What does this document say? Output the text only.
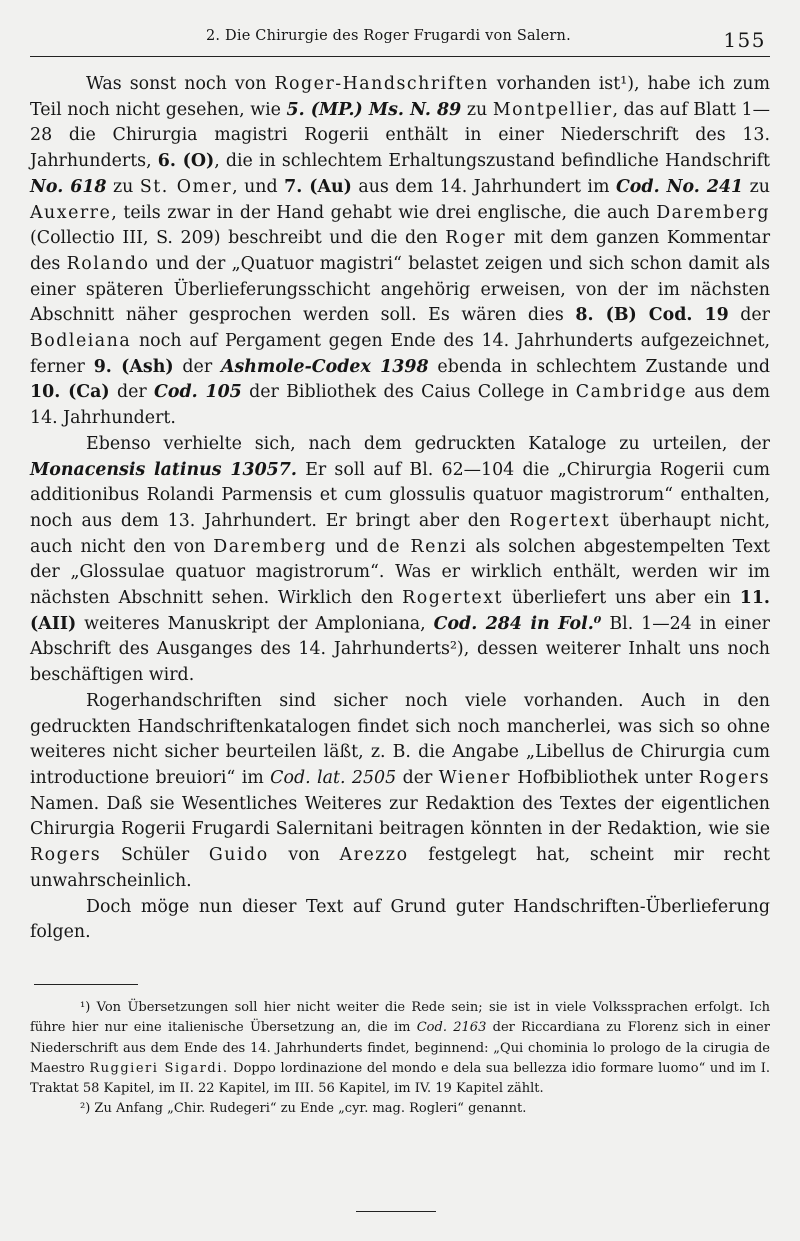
2. Die Chirurgie des Roger Frugardi von Salern.	155

Was sonst noch von Roger-Handschriften vorhanden ist¹), habe ich zum Teil noch nicht gesehen, wie 5. (MP.) Ms. N. 89 zu Montpellier, das auf Blatt 1—28 die Chirurgia magistri Rogerii enthält in einer Niederschrift des 13. Jahrhunderts, 6. (O), die in schlechtem Erhaltungszustand befindliche Handschrift No. 618 zu St. Omer, und 7. (Au) aus dem 14. Jahrhundert im Cod. No. 241 zu Auxerre, teils zwar in der Hand gehabt wie drei englische, die auch Daremberg (Collectio III, S. 209) beschreibt und die den Roger mit dem ganzen Kommentar des Rolando und der „Quatuor magistri“ belastet zeigen und sich schon damit als einer späteren Überlieferungsschicht angehörig erweisen, von der im nächsten Abschnitt näher gesprochen werden soll. Es wären dies 8. (B) Cod. 19 der Bodleiana noch auf Pergament gegen Ende des 14. Jahrhunderts aufgezeichnet, ferner 9. (Ash) der Ashmole-Codex 1398 ebenda in schlechtem Zustande und 10. (Ca) der Cod. 105 der Bibliothek des Caius College in Cambridge aus dem 14. Jahrhundert.

Ebenso verhielte sich, nach dem gedruckten Kataloge zu urteilen, der Monacensis latinus 13057. Er soll auf Bl. 62—104 die „Chirurgia Rogerii cum additionibus Rolandi Parmensis et cum glossulis quatuor magistrorum“ enthalten, noch aus dem 13. Jahrhundert. Er bringt aber den Rogertext überhaupt nicht, auch nicht den von Daremberg und de Renzi als solchen abgestempelten Text der „Glossulae quatuor magistrorum“. Was er wirklich enthält, werden wir im nächsten Abschnitt sehen. Wirklich den Rogertext überliefert uns aber ein 11. (AII) weiteres Manuskript der Amploniana, Cod. 284 in Fol.⁰ Bl. 1—24 in einer Abschrift des Ausganges des 14. Jahrhunderts²), dessen weiterer Inhalt uns noch beschäftigen wird.

Rogerhandschriften sind sicher noch viele vorhanden. Auch in den gedruckten Handschriftenkatalogen findet sich noch mancherlei, was sich so ohne weiteres nicht sicher beurteilen läßt, z. B. die Angabe „Libellus de Chirurgia cum introductione breuiori“ im Cod. lat. 2505 der Wiener Hofbibliothek unter Rogers Namen. Daß sie Wesentliches Weiteres zur Redaktion des Textes der eigentlichen Chirurgia Rogerii Frugardi Salernitani beitragen könnten in der Redaktion, wie sie Rogers Schüler Guido von Arezzo festgelegt hat, scheint mir recht unwahrscheinlich.

Doch möge nun dieser Text auf Grund guter Handschriften-Überlieferung folgen.

¹) Von Übersetzungen soll hier nicht weiter die Rede sein; sie ist in viele Volkssprachen erfolgt. Ich führe hier nur eine italienische Übersetzung an, die im Cod. 2163 der Riccardiana zu Florenz sich in einer Niederschrift aus dem Ende des 14. Jahrhunderts findet, beginnend: „Qui chominia lo prologo de la cirugia de Maestro Ruggieri Sigardi. Doppo lordinazione del mondo e dela sua bellezza idio formare luomo“ und im I. Traktat 58 Kapitel, im II. 22 Kapitel, im III. 56 Kapitel, im IV. 19 Kapitel zählt.

²) Zu Anfang „Chir. Rudegeri“ zu Ende „cyr. mag. Rogleri“ genannt.
